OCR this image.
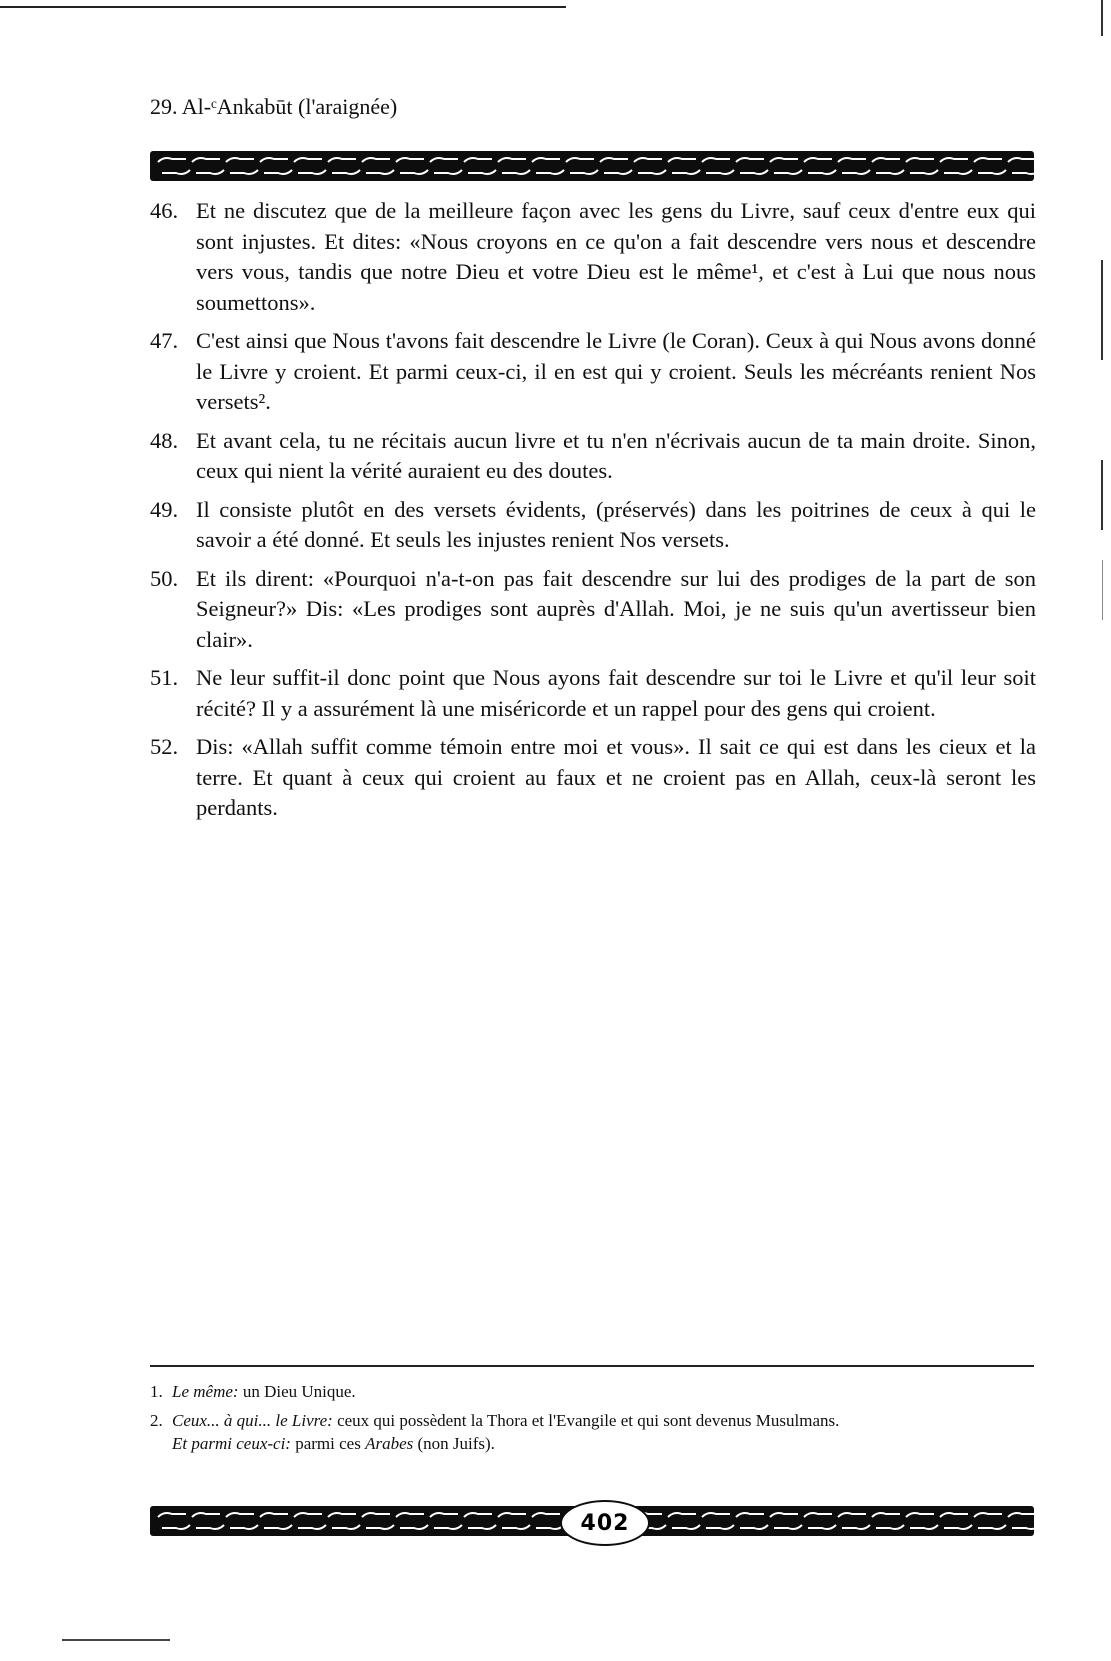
29. Al-ᶜAnkabūt (l'araignée)
46. Et ne discutez que de la meilleure façon avec les gens du Livre, sauf ceux d'entre eux qui sont injustes. Et dites: «Nous croyons en ce qu'on a fait descendre vers nous et descendre vers vous, tandis que notre Dieu et votre Dieu est le même¹, et c'est à Lui que nous nous soumettons».
47. C'est ainsi que Nous t'avons fait descendre le Livre (le Coran). Ceux à qui Nous avons donné le Livre y croient. Et parmi ceux-ci, il en est qui y croient. Seuls les mécréants renient Nos versets².
48. Et avant cela, tu ne récitais aucun livre et tu n'en n'écrivais aucun de ta main droite. Sinon, ceux qui nient la vérité auraient eu des doutes.
49. Il consiste plutôt en des versets évidents, (préservés) dans les poitrines de ceux à qui le savoir a été donné. Et seuls les injustes renient Nos versets.
50. Et ils dirent: «Pourquoi n'a-t-on pas fait descendre sur lui des prodiges de la part de son Seigneur?» Dis: «Les prodiges sont auprès d'Allah. Moi, je ne suis qu'un avertisseur bien clair».
51. Ne leur suffit-il donc point que Nous ayons fait descendre sur toi le Livre et qu'il leur soit récité? Il y a assurément là une miséricorde et un rappel pour des gens qui croient.
52. Dis: «Allah suffit comme témoin entre moi et vous». Il sait ce qui est dans les cieux et la terre. Et quant à ceux qui croient au faux et ne croient pas en Allah, ceux-là seront les perdants.
1. Le même: un Dieu Unique.
2. Ceux... à qui... le Livre: ceux qui possèdent la Thora et l'Evangile et qui sont devenus Musulmans.
Et parmi ceux-ci: parmi ces Arabes (non Juifs).
402
